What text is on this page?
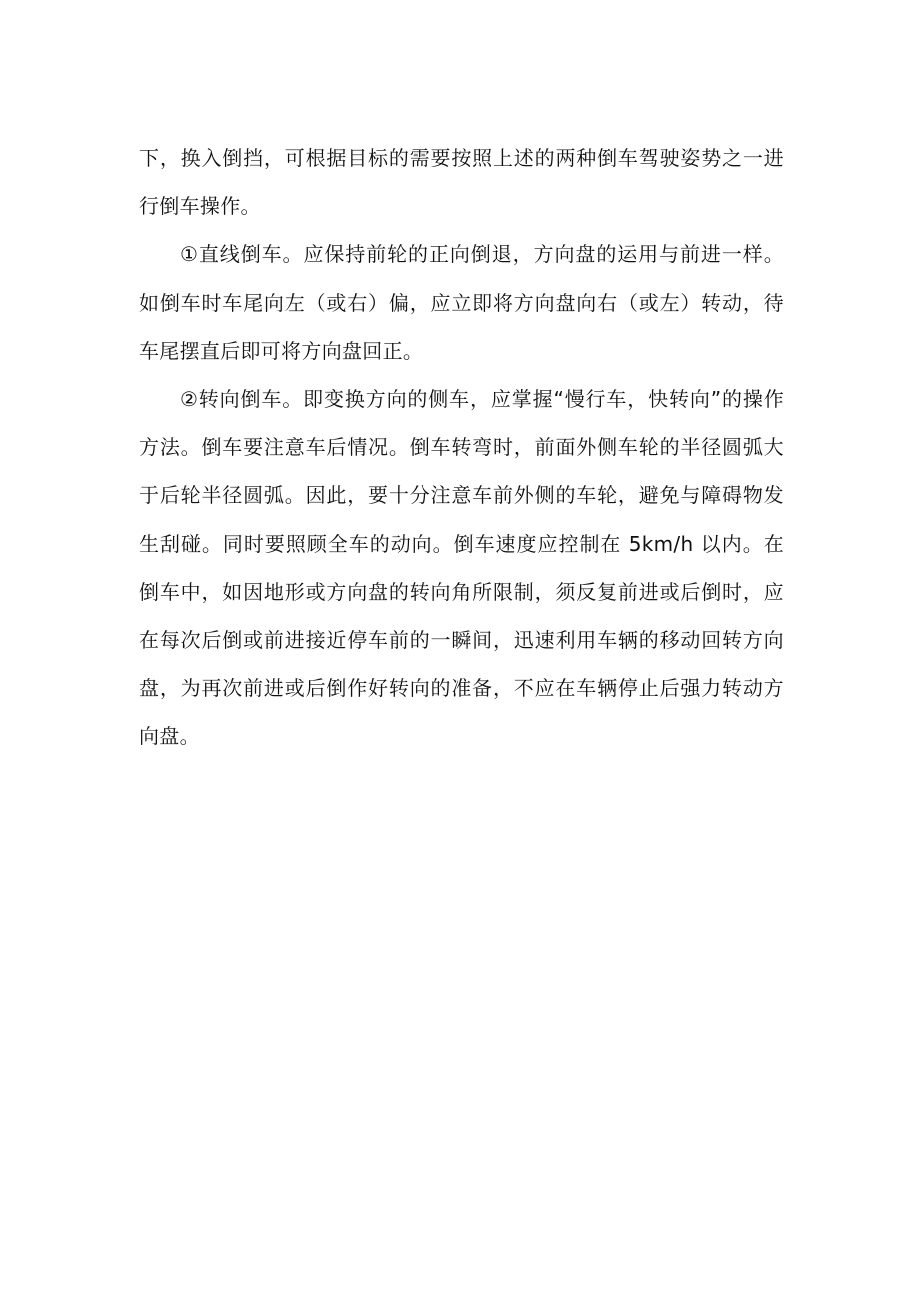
下，换入倒挡，可根据目标的需要按照上述的两种倒车驾驶姿势之一进行倒车操作。

①直线倒车。应保持前轮的正向倒退，方向盘的运用与前进一样。如倒车时车尾向左（或右）偏，应立即将方向盘向右（或左）转动，待车尾摆直后即可将方向盘回正。

②转向倒车。即变换方向的侧车，应掌握“慢行车，快转向”的操作方法。倒车要注意车后情况。倒车转弯时，前面外侧车轮的半径圆弧大于后轮半径圆弧。因此，要十分注意车前外侧的车轮，避免与障碍物发生刮碰。同时要照顾全车的动向。倒车速度应控制在 5km/h 以内。在倒车中，如因地形或方向盘的转向角所限制，须反复前进或后倒时，应在每次后倒或前进接近停车前的一瞬间，迅速利用车辆的移动回转方向盘，为再次前进或后倒作好转向的准备，不应在车辆停止后强力转动方向盘。
